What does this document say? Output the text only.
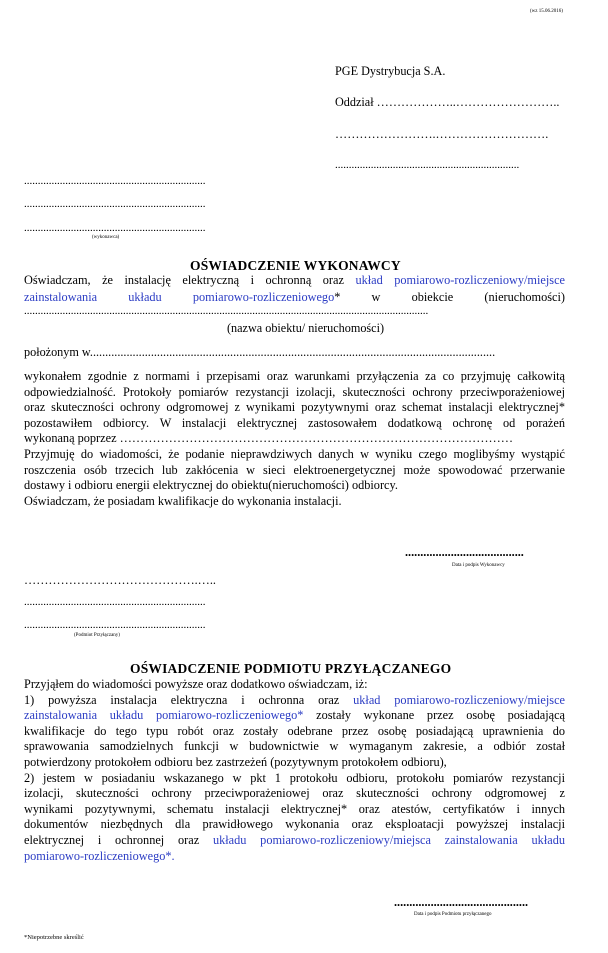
(wz 15.06.2016)
PGE Dystrybucja S.A.
Oddział ………………..……………………..
…………………….……………………….
...................................................................
..................................................................
..................................................................
..................................................................
(wykonawca)
OŚWIADCZENIE WYKONAWCY
Oświadczam, że instalację elektryczną i ochronną oraz układ pomiarowo-rozliczeniowy/miejsce
zainstalowania układu pomiarowo-rozliczeniowego* w obiekcie (nieruchomości)
...................................................................................................................................................
(nazwa obiektu/ nieruchomości)
położonym w.....................................................................................................................................
wykonałem zgodnie z normami i przepisami oraz warunkami przyłączenia za co przyjmuję całkowitą
odpowiedzialność. Protokoły pomiarów rezystancji izolacji, skuteczności ochrony przeciwporażeniowej
oraz skuteczności ochrony odgromowej z wynikami pozytywnymi oraz schemat instalacji elektrycznej*
pozostawiłem odbiorcy. W instalacji elektrycznej zastosowałem dodatkową ochronę od porażeń
wykonaną poprzez ……………………………………………………………………………………
Przyjmuję do wiadomości, że podanie nieprawdziwych danych w wyniku czego moglibyśmy wystąpić
roszczenia osób trzecich lub zakłócenia w sieci elektroenergetycznej może spowodować przerwanie
dostawy i odbioru energii elektrycznej do obiektu(nieruchomości) odbiorcy.
Oświadczam, że posiadam kwalifikacje do wykonania instalacji.
.......................................
Data i podpis Wykonawcy
…………………………………….…..
..................................................................
..................................................................
(Podmiot Przyłączany)
OŚWIADCZENIE PODMIOTU PRZYŁĄCZANEGO
Przyjąłem do wiadomości powyższe oraz dodatkowo oświadczam, iż:
1) powyższa instalacja elektryczna i ochronna oraz układ pomiarowo-rozliczeniowy/miejsce
zainstalowania układu pomiarowo-rozliczeniowego* zostały wykonane przez osobę posiadającą
kwalifikacje do tego typu robót oraz zostały odebrane przez osobę posiadającą uprawnienia do
sprawowania samodzielnych funkcji w budownictwie w wymaganym zakresie, a odbiór został
potwierdzony protokołem odbioru bez zastrzeżeń (pozytywnym protokołem odbioru),
2) jestem w posiadaniu wskazanego w pkt 1 protokołu odbioru, protokołu pomiarów rezystancji
izolacji, skuteczności ochrony przeciwporażeniowej oraz skuteczności ochrony odgromowej z
wynikami pozytywnymi, schematu instalacji elektrycznej* oraz atestów, certyfikatów i innych
dokumentów niezbędnych dla prawidłowego wykonania oraz eksploatacji powyższej instalacji
elektrycznej i ochronnej oraz układu pomiarowo-rozliczeniowy/miejsca zainstalowania układu
pomiarowo-rozliczeniowego*.
............................................
Data i podpis Podmiotu przyłączanego
*Niepotrzebne skreślić
